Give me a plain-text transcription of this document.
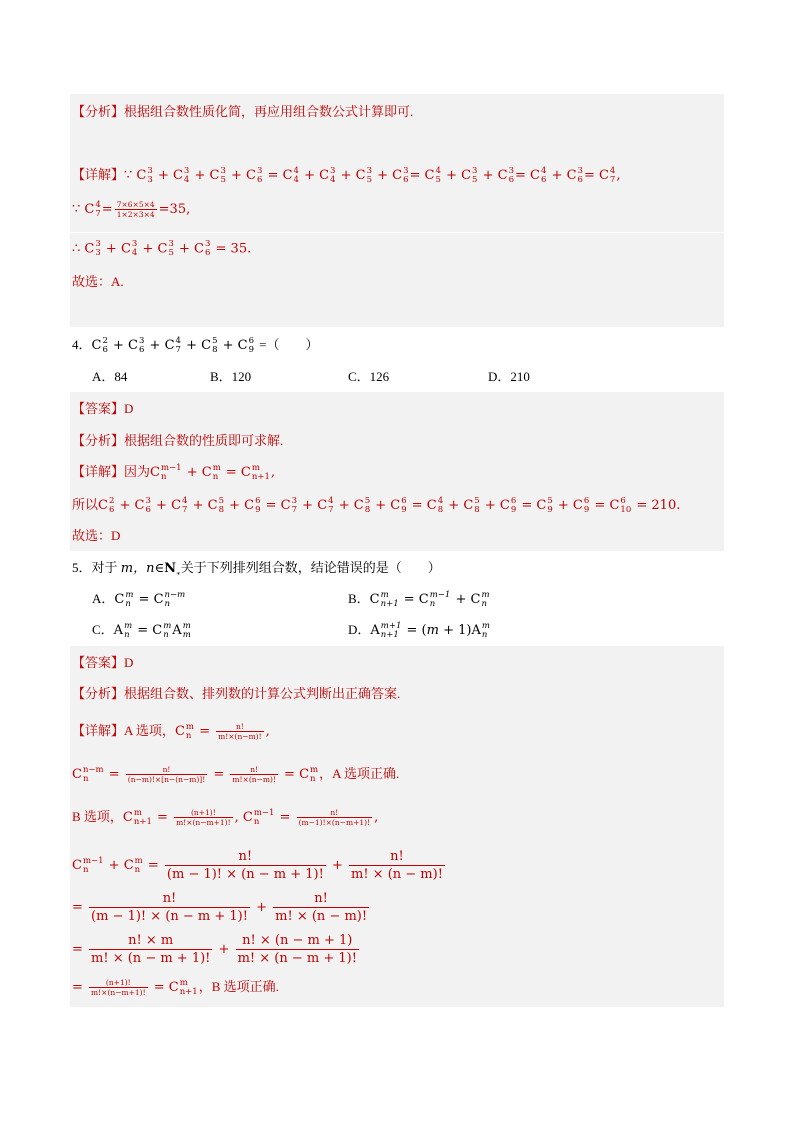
【分析】根据组合数性质化简，再应用组合数公式计算即可.
【详解】∵ C 3
3 + C 3
4 + C 3
5 + C 3
6 = C 4
4 + C 3
4 + C 3
5 + C 3
6 = C 4
5 + C 3
5 + C 3
6 = C 4
6 + C 3
6 = C 4
7 ,
∵ C 4
$7 = \frac{7\times 6\times 5\times 4}{1\times 2\times 3\times 4} =35$,
∴ C 3
3 + C 3
4 + C 3
5 + C 3
6 = 35.
故选：A.
4．C 2
6 + C 3
6 + C 4
7 + C 5
8 + C 6
9 =（　　）
A．84	B．120	C．126	D．210
【答案】D
【分析】根据组合数的性质即可求解.
【详解】因为C m−1
n	+ C m
n = C m
n+1 ,
所以C 2
6 + C 3
6 + C 4
7 + C 5
8 + C 6
9 = C 3
7 + C 4
7 + C 5
8 + C 6
9 = C 4
8 + C 5
8 + C 6
9 = C 5
9 + C 6
9 = C 6
10 = 210.
故选：D
5．对于 m，$n\in N_∗$关于下列排列组合数，结论错误的是（　　）
A．C m
n = C n−m
n	B．C m
n+1 = C m−1
n	+ C m
n
C．A m
n = C m
n A m
m	D．A m+1
n+1 = (m + 1)A m
n
【答案】D
【分析】根据组合数、排列数的计算公式判断出正确答案.
【详解】A 选项，C m
$n = \frac{n!}{m!\times(n-m)!}$ ,
C n−m
n	= $\frac{n!}{(n-m)!\times[n-(n-m)]!} = \frac{n!}{m!\times(n-m)!} = C$ m
n ，A 选项正确.
B 选项，C m
$n+1 = \frac{(n+1)!}{m!\times(n-m+1)!}$ , C m−1
n	= $\frac{n!}{(m-1)!\times(n-m+1)!}$ ,
C m−1
n	+ C m
$n = \frac{n!}{(m - 1)! \times (n - m + 1)!} + \frac{n!}{m! \times (n - m)!}$
= $\frac{n!}{(m - 1)! \times (n - m + 1)!} + \frac{n!}{m! \times (n - m)!}$
= $\frac{n! \times m}{m! \times (n - m + 1)!} + \frac{n! \times (n - m + 1)}{m! \times (n - m + 1)!}$
= $\frac{(n+1)!}{m!\times(n-m+1)!} = C$ m
n+1 ，B 选项正确.
